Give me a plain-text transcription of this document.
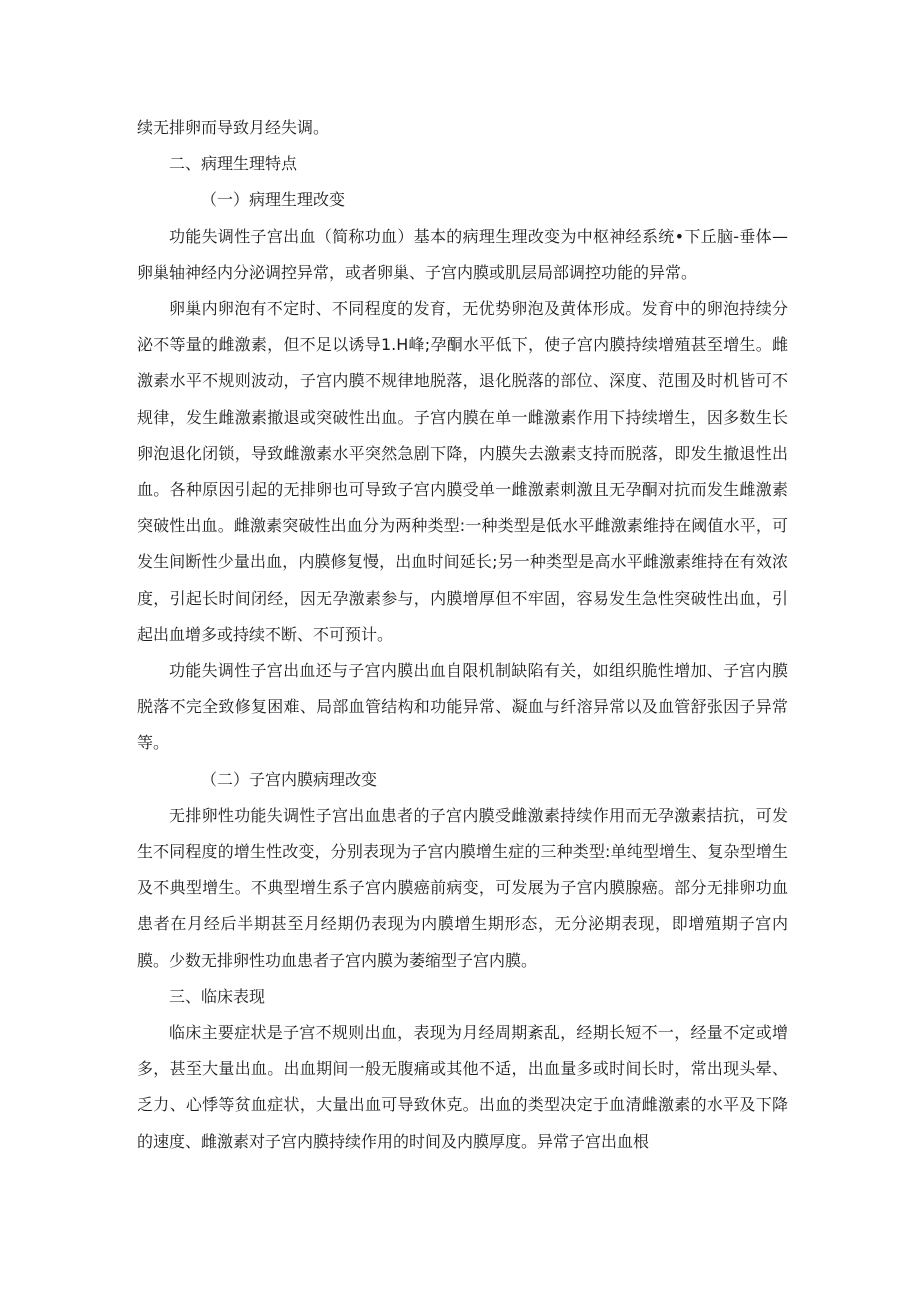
续无排卵而导致月经失调。

二、病理生理特点

（一）病理生理改变

功能失调性子宫出血（简称功血）基本的病理生理改变为中枢神经系统•下丘脑-垂体—卵巢轴神经内分泌调控异常，或者卵巢、子宫内膜或肌层局部调控功能的异常。

卵巢内卵泡有不定时、不同程度的发育，无优势卵泡及黄体形成。发育中的卵泡持续分泌不等量的雌激素，但不足以诱导1.H峰;孕酮水平低下，使子宫内膜持续增殖甚至增生。雌激素水平不规则波动，子宫内膜不规律地脱落，退化脱落的部位、深度、范围及时机皆可不规律，发生雌激素撤退或突破性出血。子宫内膜在单一雌激素作用下持续增生，因多数生长卵泡退化闭锁，导致雌激素水平突然急剧下降，内膜失去激素支持而脱落，即发生撤退性出血。各种原因引起的无排卵也可导致子宫内膜受单一雌激素刺激且无孕酮对抗而发生雌激素突破性出血。雌激素突破性出血分为两种类型:一种类型是低水平雌激素维持在阈值水平，可发生间断性少量出血，内膜修复慢，出血时间延长;另一种类型是高水平雌激素维持在有效浓度，引起长时间闭经，因无孕激素参与，内膜增厚但不牢固，容易发生急性突破性出血，引起出血增多或持续不断、不可预计。

功能失调性子宫出血还与子宫内膜出血自限机制缺陷有关，如组织脆性增加、子宫内膜脱落不完全致修复困难、局部血管结构和功能异常、凝血与纤溶异常以及血管舒张因子异常等。

（二）子宫内膜病理改变

无排卵性功能失调性子宫出血患者的子宫内膜受雌激素持续作用而无孕激素拮抗，可发生不同程度的增生性改变，分别表现为子宫内膜增生症的三种类型:单纯型增生、复杂型增生及不典型增生。不典型增生系子宫内膜癌前病变，可发展为子宫内膜腺癌。部分无排卵功血患者在月经后半期甚至月经期仍表现为内膜增生期形态，无分泌期表现，即增殖期子宫内膜。少数无排卵性功血患者子宫内膜为萎缩型子宫内膜。

三、临床表现

临床主要症状是子宫不规则出血，表现为月经周期紊乱，经期长短不一，经量不定或增多，甚至大量出血。出血期间一般无腹痛或其他不适，出血量多或时间长时，常出现头晕、乏力、心悸等贫血症状，大量出血可导致休克。出血的类型决定于血清雌激素的水平及下降的速度、雌激素对子宫内膜持续作用的时间及内膜厚度。异常子宫出血根
